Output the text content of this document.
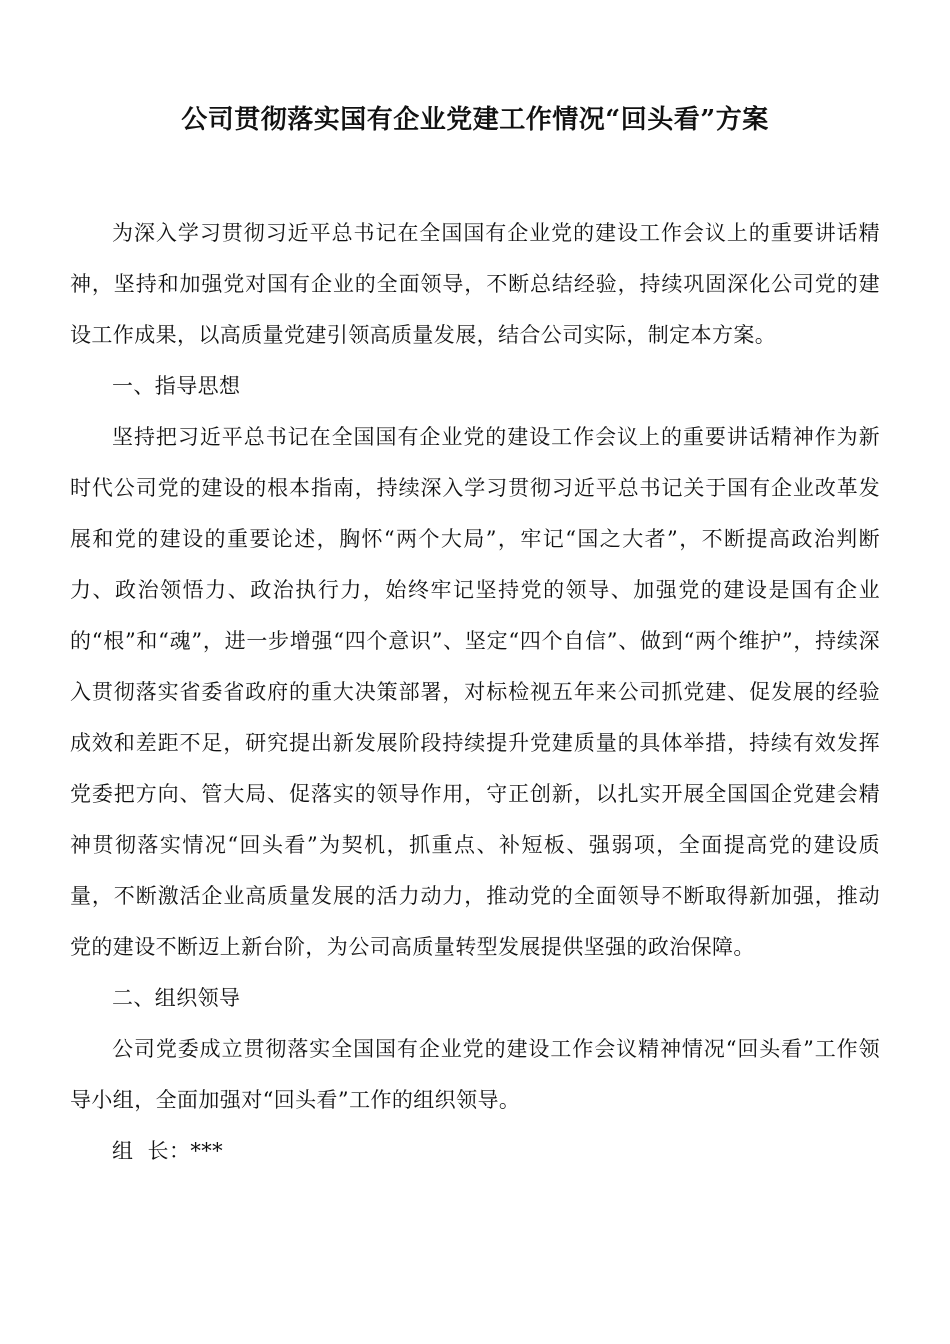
公司贯彻落实国有企业党建工作情况“回头看”方案

为深入学习贯彻习近平总书记在全国国有企业党的建设工作会议上的重要讲话精神，坚持和加强党对国有企业的全面领导，不断总结经验，持续巩固深化公司党的建设工作成果，以高质量党建引领高质量发展，结合公司实际，制定本方案。

一、指导思想

坚持把习近平总书记在全国国有企业党的建设工作会议上的重要讲话精神作为新时代公司党的建设的根本指南，持续深入学习贯彻习近平总书记关于国有企业改革发展和党的建设的重要论述，胸怀“两个大局”，牢记“国之大者”，不断提高政治判断力、政治领悟力、政治执行力，始终牢记坚持党的领导、加强党的建设是国有企业的“根”和“魂”，进一步增强“四个意识”、坚定“四个自信”、做到“两个维护”，持续深入贯彻落实省委省政府的重大决策部署，对标检视五年来公司抓党建、促发展的经验成效和差距不足，研究提出新发展阶段持续提升党建质量的具体举措，持续有效发挥党委把方向、管大局、促落实的领导作用，守正创新，以扎实开展全国国企党建会精神贯彻落实情况“回头看”为契机，抓重点、补短板、强弱项，全面提高党的建设质量，不断激活企业高质量发展的活力动力，推动党的全面领导不断取得新加强，推动党的建设不断迈上新台阶，为公司高质量转型发展提供坚强的政治保障。

二、组织领导

公司党委成立贯彻落实全国国有企业党的建设工作会议精神情况“回头看”工作领导小组，全面加强对“回头看”工作的组织领导。

组  长：***
